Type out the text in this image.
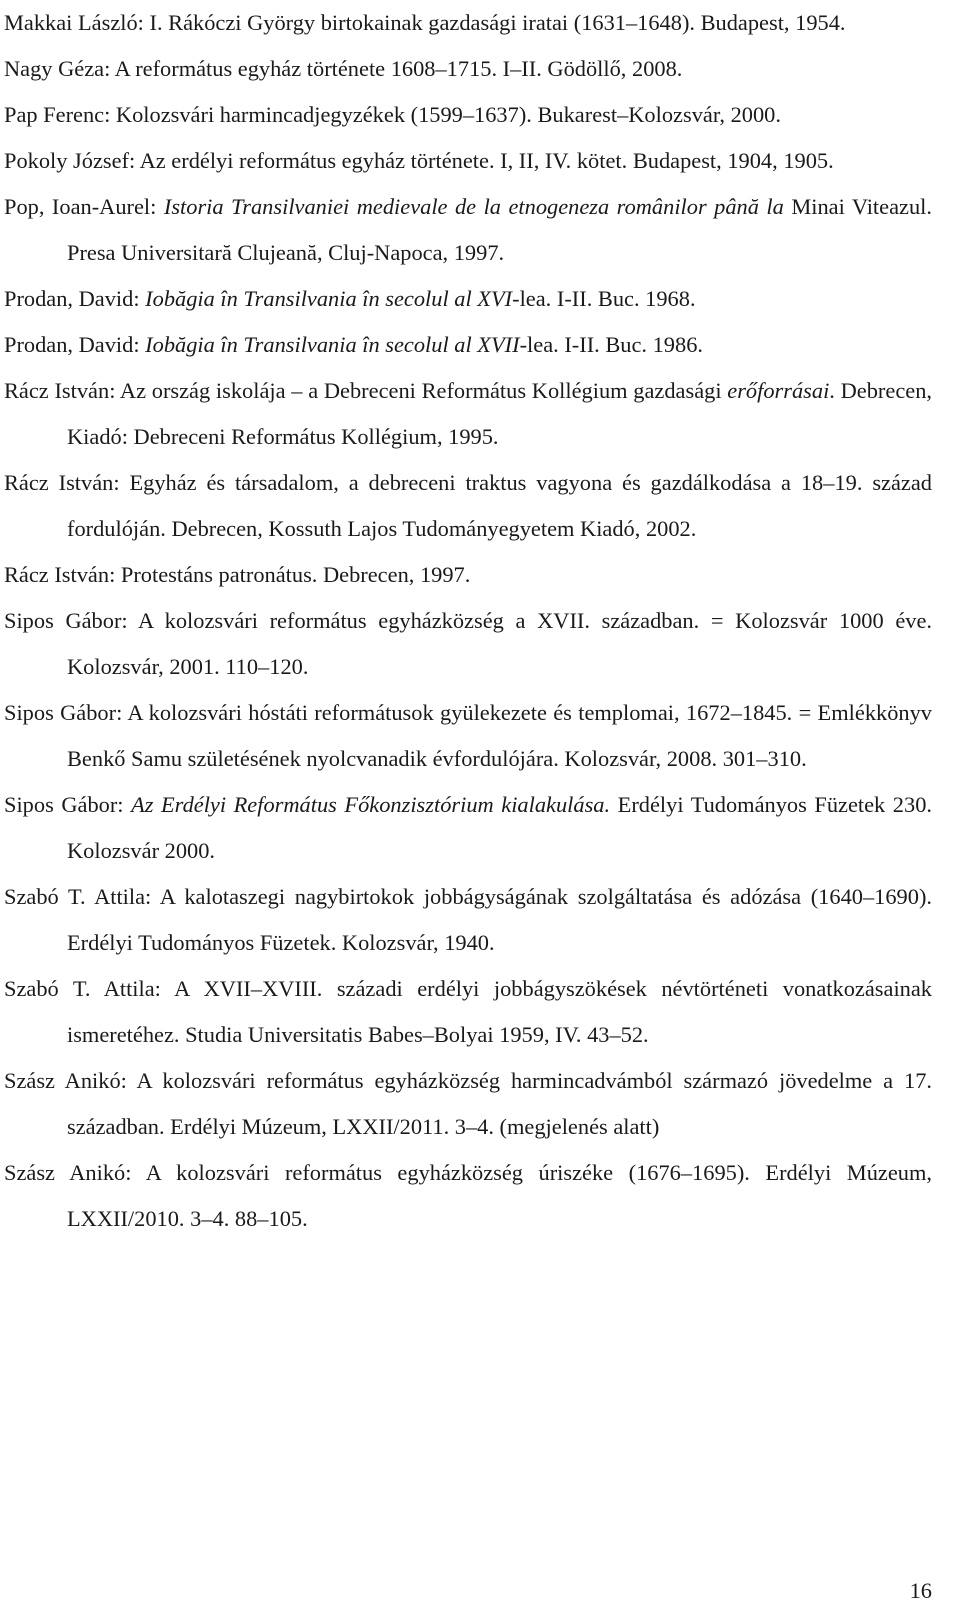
Makkai László: I. Rákóczi György birtokainak gazdasági iratai (1631–1648). Budapest, 1954.

Nagy Géza: A református egyház története 1608–1715. I–II. Gödöllő, 2008.

Pap Ferenc: Kolozsvári harmincadjegyzékek (1599–1637). Bukarest–Kolozsvár, 2000.

Pokoly József: Az erdélyi református egyház története. I, II, IV. kötet. Budapest, 1904, 1905.

Pop, Ioan-Aurel: Istoria Transilvaniei medievale de la etnogeneza românilor până la Minai Viteazul. Presa Universitară Clujeană, Cluj-Napoca, 1997.

Prodan, David: Iobăgia în Transilvania în secolul al XVI-lea. I-II. Buc. 1968.

Prodan, David: Iobăgia în Transilvania în secolul al XVII-lea. I-II. Buc. 1986.

Rácz István: Az ország iskolája – a Debreceni Református Kollégium gazdasági erőforrásai. Debrecen, Kiadó: Debreceni Református Kollégium, 1995.

Rácz István: Egyház és társadalom, a debreceni traktus vagyona és gazdálkodása a 18–19. század fordulóján. Debrecen, Kossuth Lajos Tudományegyetem Kiadó, 2002.

Rácz István: Protestáns patronátus. Debrecen, 1997.

Sipos Gábor: A kolozsvári református egyházközség a XVII. században. = Kolozsvár 1000 éve. Kolozsvár, 2001. 110–120.

Sipos Gábor: A kolozsvári hóstáti reformátusok gyülekezete és templomai, 1672–1845. = Emlékkönyv Benkő Samu születésének nyolcvanadik évfordulójára. Kolozsvár, 2008. 301–310.

Sipos Gábor: Az Erdélyi Református Főkonzisztórium kialakulása. Erdélyi Tudományos Füzetek 230. Kolozsvár 2000.

Szabó T. Attila: A kalotaszegi nagybirtokok jobbágyságának szolgáltatása és adózása (1640–1690). Erdélyi Tudományos Füzetek. Kolozsvár, 1940.

Szabó T. Attila: A XVII–XVIII. századi erdélyi jobbágyszökések névtörténeti vonatkozásainak ismeretéhez. Studia Universitatis Babes–Bolyai 1959, IV. 43–52.

Szász Anikó: A kolozsvári református egyházközség harmincadvámból származó jövedelme a 17. században. Erdélyi Múzeum, LXXII/2011. 3–4. (megjelenés alatt)

Szász Anikó: A kolozsvári református egyházközség úriszéke (1676–1695). Erdélyi Múzeum, LXXII/2010. 3–4. 88–105.

16
